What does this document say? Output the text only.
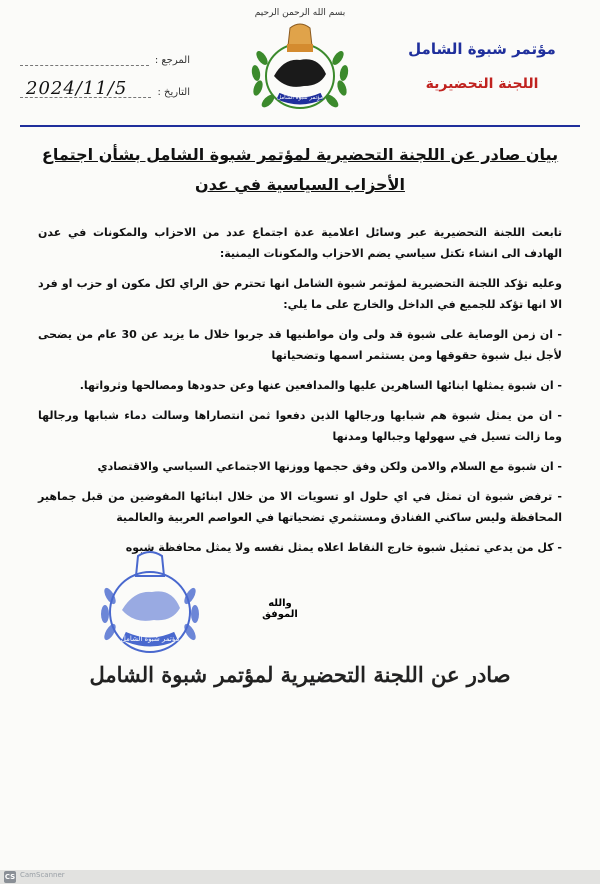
بسم الله الرحمن الرحيم
مؤتمر شبوة الشامل
اللجنة التحضيرية
مؤتمر شبوة الشامل
المرجع :
التاريخ :
2024/11/5
بيان صادر عن اللجنة التحضيرية لمؤتمر شبوة الشامل بشأن اجتماع
الأحزاب السياسية في عدن

تابعت اللجنة التحضيرية عبر وسائل اعلامية عدة اجتماع عدد من الاحزاب والمكونات في عدن الهادف الى انشاء تكتل سياسي يضم الاحزاب والمكونات اليمنية:

وعليه تؤكد اللجنة التحضيرية لمؤتمر شبوة الشامل انها تحترم حق الراي لكل مكون او حزب او فرد الا انها تؤكد للجميع في الداخل والخارج على ما يلي:

- ان زمن الوصاية على شبوة قد ولى وان مواطنيها قد جربوا خلال ما يزيد عن 30 عام من يضحى لأجل نيل شبوة حقوقها ومن يستثمر اسمها وتضحياتها

- ان شبوة يمثلها ابنائها الساهرين عليها والمدافعين عنها وعن حدودها ومصالحها وثرواتها.

- ان من يمثل شبوة هم شبابها ورجالها الذين دفعوا ثمن انتصاراها وسالت دماء شبابها ورجالها وما زالت تسيل في سهولها وجبالها ومدنها

- ان شبوة مع السلام والامن ولكن وفق حجمها ووزنها الاجتماعي السياسي والاقتصادي

- ترفض شبوة ان تمثل في اي حلول او تسويات الا من خلال ابنائها المفوضين من قبل جماهير المحافظة وليس ساكني الفنادق ومستثمري تضحياتها في العواصم العربية والعالمية

- كل من يدعي تمثيل شبوة خارج النقاط اعلاه يمثل نفسه ولا يمثل محافظة شبوه

والله الموفق
مؤتمر شبوة الشامل
صادر عن اللجنة التحضيرية لمؤتمر شبوة الشامل
CS CamScanner
